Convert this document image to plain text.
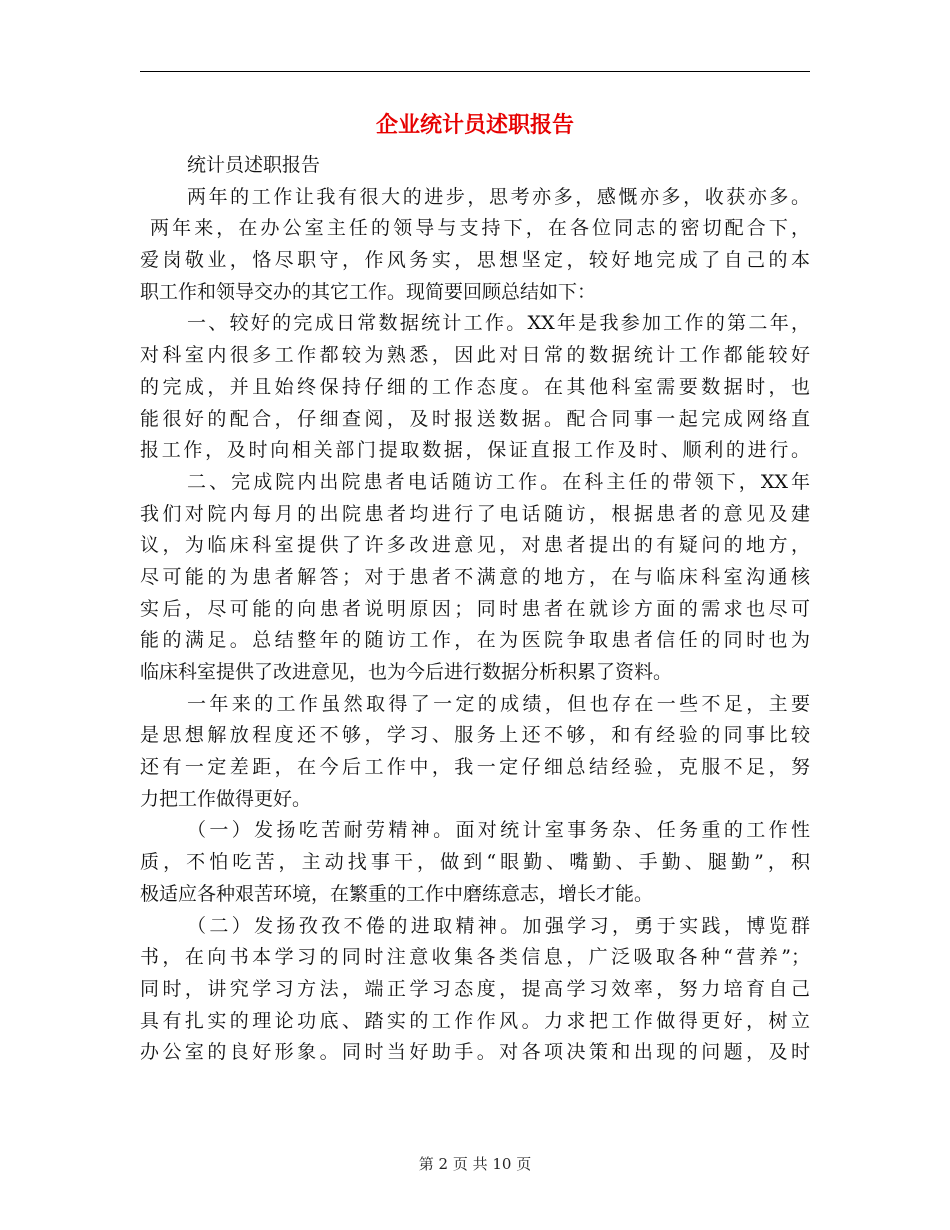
企业统计员述职报告
统计员述职报告
两年的工作让我有很大的进步，思考亦多，感慨亦多，收获亦多。
两年来，在办公室主任的领导与支持下，在各位同志的密切配合下，
爱岗敬业，恪尽职守，作风务实，思想坚定，较好地完成了自己的本
职工作和领导交办的其它工作。现简要回顾总结如下：
一、较好的完成日常数据统计工作。XX年是我参加工作的第二年，
对科室内很多工作都较为熟悉，因此对日常的数据统计工作都能较好
的完成，并且始终保持仔细的工作态度。在其他科室需要数据时，也
能很好的配合，仔细查阅，及时报送数据。配合同事一起完成网络直
报工作，及时向相关部门提取数据，保证直报工作及时、顺利的进行。
二、完成院内出院患者电话随访工作。在科主任的带领下，XX年
我们对院内每月的出院患者均进行了电话随访，根据患者的意见及建
议，为临床科室提供了许多改进意见，对患者提出的有疑问的地方，
尽可能的为患者解答；对于患者不满意的地方，在与临床科室沟通核
实后，尽可能的向患者说明原因；同时患者在就诊方面的需求也尽可
能的满足。总结整年的随访工作，在为医院争取患者信任的同时也为
临床科室提供了改进意见，也为今后进行数据分析积累了资料。
一年来的工作虽然取得了一定的成绩，但也存在一些不足，主要
是思想解放程度还不够，学习、服务上还不够，和有经验的同事比较
还有一定差距，在今后工作中，我一定仔细总结经验，克服不足，努
力把工作做得更好。
（一）发扬吃苦耐劳精神。面对统计室事务杂、任务重的工作性
质，不怕吃苦，主动找事干，做到“眼勤、嘴勤、手勤、腿勤”，积
极适应各种艰苦环境，在繁重的工作中磨练意志，增长才能。
（二）发扬孜孜不倦的进取精神。加强学习，勇于实践，博览群
书，在向书本学习的同时注意收集各类信息，广泛吸取各种“营养”；
同时，讲究学习方法，端正学习态度，提高学习效率，努力培育自己
具有扎实的理论功底、踏实的工作作风。力求把工作做得更好，树立
办公室的良好形象。同时当好助手。对各项决策和出现的问题，及时
第 2 页 共 10 页
